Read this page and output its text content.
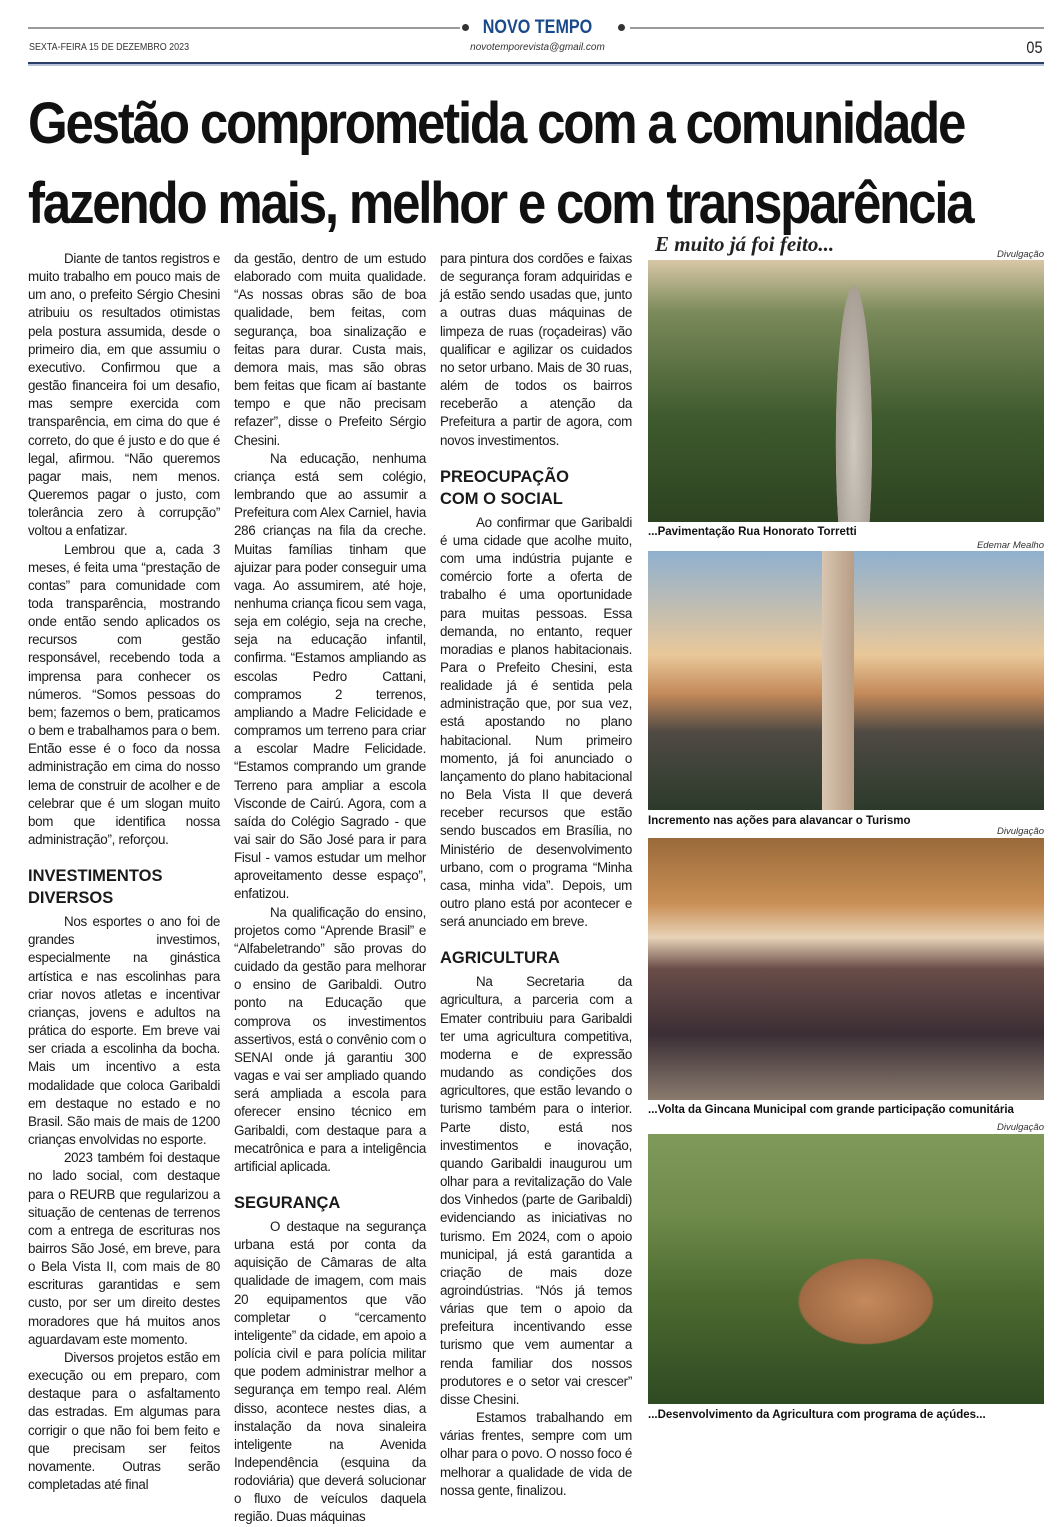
NOVO TEMPO
SEXTA-FEIRA 15 DE DEZEMBRO 2023	novotemporevista@gmail.com	05
Gestão comprometida com a comunidade
fazendo mais, melhor e com transparência

Diante de tantos registros e muito trabalho em pouco mais de um ano, o prefeito Sérgio Chesini atribuiu os resultados otimistas pela postura assumida, desde o primeiro dia, em que assumiu o executivo. Confirmou que a gestão financeira foi um desafio, mas sempre exercida com transparência, em cima do que é correto, do que é justo e do que é legal, afirmou. “Não queremos pagar mais, nem menos. Queremos pagar o justo, com tolerância zero à corrupção” voltou a enfatizar.

Lembrou que a, cada 3 meses, é feita uma “prestação de contas” para comunidade com toda transparência, mostrando onde então sendo aplicados os recursos com gestão responsável, recebendo toda a imprensa para conhecer os números. “Somos pessoas do bem; fazemos o bem, praticamos o bem e trabalhamos para o bem. Então esse é o foco da nossa administração em cima do nosso lema de construir de acolher e de celebrar que é um slogan muito bom que identifica nossa administração”, reforçou.

INVESTIMENTOS DIVERSOS

Nos esportes o ano foi de grandes investimos, especialmente na ginástica artística e nas escolinhas para criar novos atletas e incentivar crianças, jovens e adultos na prática do esporte. Em breve vai ser criada a escolinha da bocha. Mais um incentivo a esta modalidade que coloca Garibaldi em destaque no estado e no Brasil. São mais de mais de 1200 crianças envolvidas no esporte.

2023 também foi destaque no lado social, com destaque para o REURB que regularizou a situação de centenas de terrenos com a entrega de escrituras nos bairros São José, em breve, para o Bela Vista II, com mais de 80 escrituras garantidas e sem custo, por ser um direito destes moradores que há muitos anos aguardavam este momento.

Diversos projetos estão em execução ou em preparo, com destaque para o asfaltamento das estradas. Em algumas para corrigir o que não foi bem feito e que precisam ser feitos novamente. Outras serão completadas até final

da gestão, dentro de um estudo elaborado com muita qualidade. “As nossas obras são de boa qualidade, bem feitas, com segurança, boa sinalização e feitas para durar. Custa mais, demora mais, mas são obras bem feitas que ficam aí bastante tempo e que não precisam refazer”, disse o Prefeito Sérgio Chesini.

Na educação, nenhuma criança está sem colégio, lembrando que ao assumir a Prefeitura com Alex Carniel, havia 286 crianças na fila da creche. Muitas famílias tinham que ajuizar para poder conseguir uma vaga. Ao assumirem, até hoje, nenhuma criança ficou sem vaga, seja em colégio, seja na creche, seja na educação infantil, confirma. “Estamos ampliando as escolas Pedro Cattani, compramos 2 terrenos, ampliando a Madre Felicidade e compramos um terreno para criar a escolar Madre Felicidade. “Estamos comprando um grande Terreno para ampliar a escola Visconde de Cairú. Agora, com a saída do Colégio Sagrado - que vai sair do São José para ir para Fisul - vamos estudar um melhor aproveitamento desse espaço”, enfatizou.

Na qualificação do ensino, projetos como “Aprende Brasil” e “Alfabeletrando” são provas do cuidado da gestão para melhorar o ensino de Garibaldi. Outro ponto na Educação que comprova os investimentos assertivos, está o convênio com o SENAI onde já garantiu 300 vagas e vai ser ampliado quando será ampliada a escola para oferecer ensino técnico em Garibaldi, com destaque para a mecatrônica e para a inteligência artificial aplicada.

SEGURANÇA

O destaque na segurança urbana está por conta da aquisição de Câmaras de alta qualidade de imagem, com mais 20 equipamentos que vão completar o “cercamento inteligente” da cidade, em apoio a polícia civil e para polícia militar que podem administrar melhor a segurança em tempo real. Além disso, acontece nestes dias, a instalação da nova sinaleira inteligente na Avenida Independência (esquina da rodoviária) que deverá solucionar o fluxo de veículos daquela região. Duas máquinas

para pintura dos cordões e faixas de segurança foram adquiridas e já estão sendo usadas que, junto a outras duas máquinas de limpeza de ruas (roçadeiras) vão qualificar e agilizar os cuidados no setor urbano. Mais de 30 ruas, além de todos os bairros receberão a atenção da Prefeitura a partir de agora, com novos investimentos.

PREOCUPAÇÃO COM O SOCIAL

Ao confirmar que Garibaldi é uma cidade que acolhe muito, com uma indústria pujante e comércio forte a oferta de trabalho é uma oportunidade para muitas pessoas. Essa demanda, no entanto, requer moradias e planos habitacionais. Para o Prefeito Chesini, esta realidade já é sentida pela administração que, por sua vez, está apostando no plano habitacional. Num primeiro momento, já foi anunciado o lançamento do plano habitacional no Bela Vista II que deverá receber recursos que estão sendo buscados em Brasília, no Ministério de desenvolvimento urbano, com o programa “Minha casa, minha vida”. Depois, um outro plano está por acontecer e será anunciado em breve.

AGRICULTURA

Na Secretaria da agricultura, a parceria com a Emater contribuiu para Garibaldi ter uma agricultura competitiva, moderna e de expressão mudando as condições dos agricultores, que estão levando o turismo também para o interior. Parte disto, está nos investimentos e inovação, quando Garibaldi inaugurou um olhar para a revitalização do Vale dos Vinhedos (parte de Garibaldi) evidenciando as iniciativas no turismo. Em 2024, com o apoio municipal, já está garantida a criação de mais doze agroindústrias. “Nós já temos várias que tem o apoio da prefeitura incentivando esse turismo que vem aumentar a renda familiar dos nossos produtores e o setor vai crescer” disse Chesini.

Estamos trabalhando em várias frentes, sempre com um olhar para o povo. O nosso foco é melhorar a qualidade de vida de nossa gente, finalizou.

E muito já foi feito...	Divulgação
...Pavimentação Rua Honorato Torretti
Edemar Mealho
Incremento nas ações para alavancar o Turismo
Divulgação
...Volta da Gincana Municipal com grande participação comunitária
Divulgação
...Desenvolvimento da Agricultura com programa de açúdes...
